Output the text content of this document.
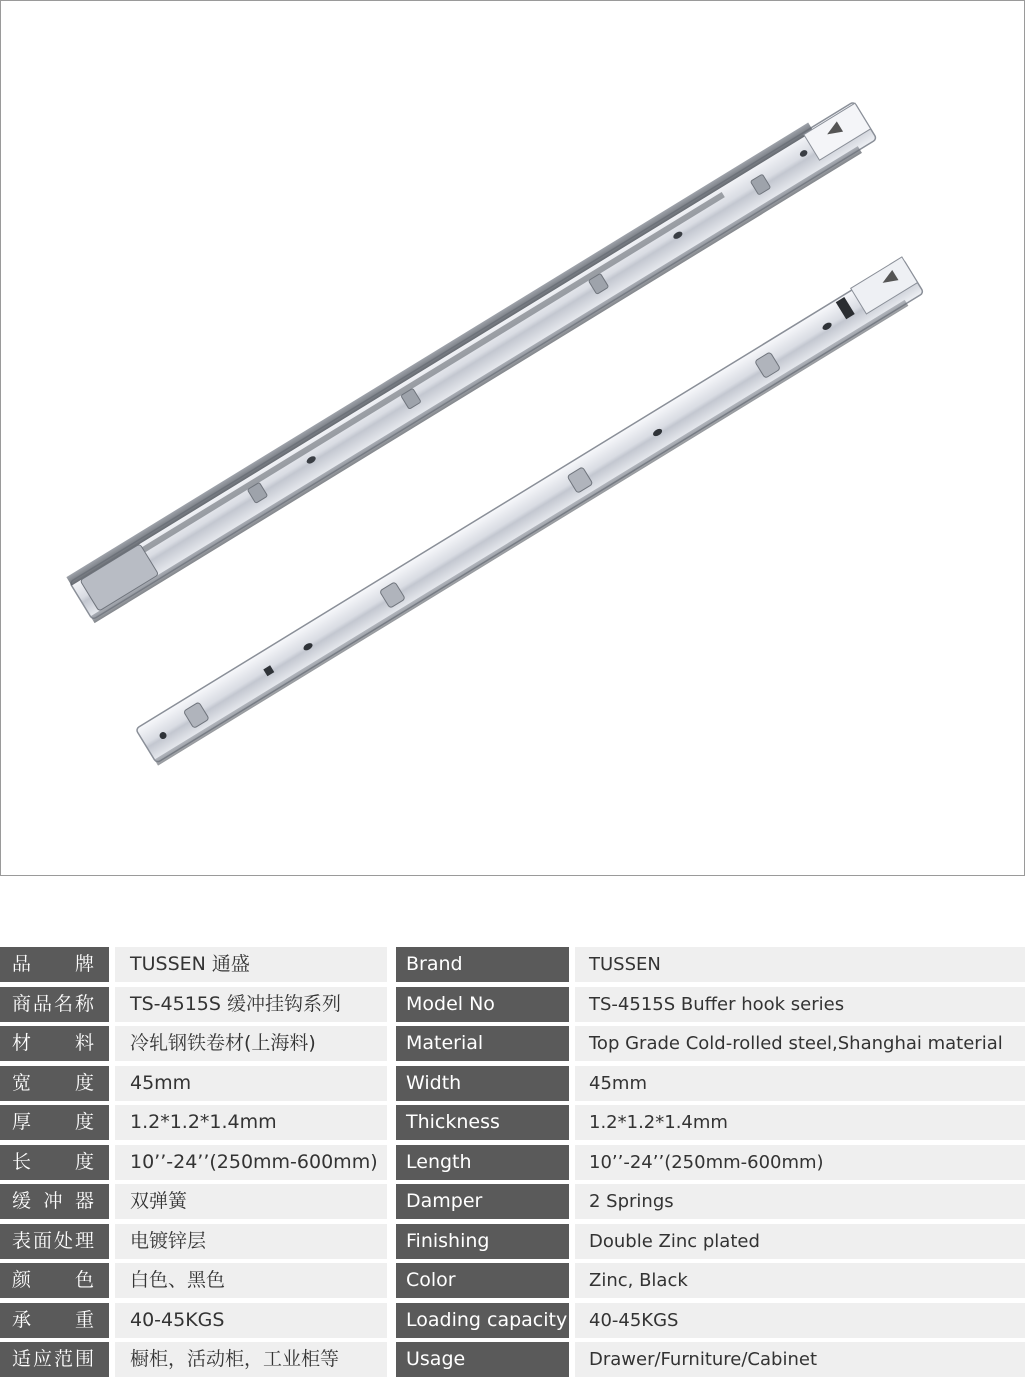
品　　牌	TUSSEN 通盛	Brand	TUSSEN
商品名称	TS-4515S 缓冲挂钩系列	Model No	TS-4515S Buffer hook series
材　　料	冷轧钢铁卷材(上海料)	Material	Top Grade Cold-rolled steel,Shanghai material
宽　　度	45mm	Width	45mm
厚　　度	1.2*1.2*1.4mm	Thickness	1.2*1.2*1.4mm
长　　度	10’’-24’’(250mm-600mm)	Length	10’’-24’’(250mm-600mm)
缓 冲 器	双弹簧	Damper	2 Springs
表面处理	电镀锌层	Finishing	Double Zinc plated
颜　　色	白色、黑色	Color	Zinc, Black
承　　重	40-45KGS	Loading capacity	40-45KGS
适应范围	橱柜，活动柜，工业柜等	Usage	Drawer/Furniture/Cabinet
